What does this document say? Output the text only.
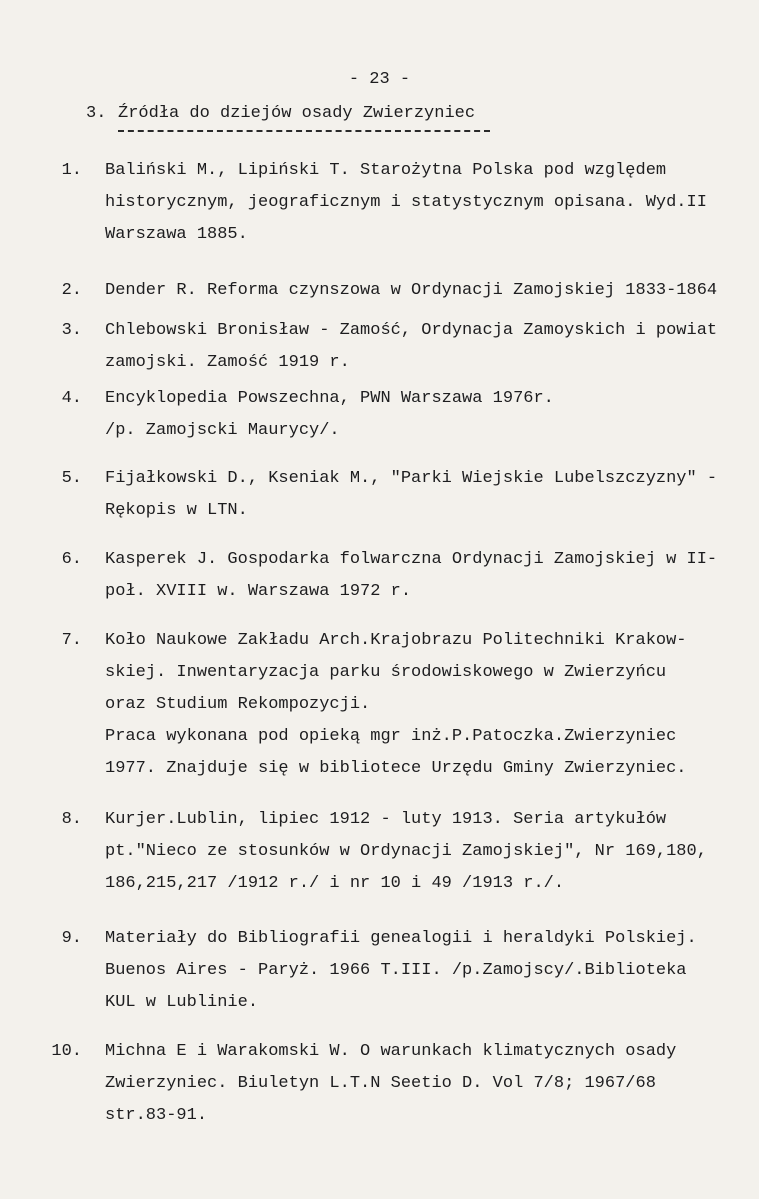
- 23 -
3. Źródła do dziejów osady Zwierzyniec
1. Baliński M., Lipiński T. Starożytna Polska pod względem
historycznym, jeograficznym i statystycznym opisana. Wyd.II
Warszawa 1885.
2. Dender R. Reforma czynszowa w Ordynacji Zamojskiej 1833-1864
3. Chlebowski Bronisław - Zamość, Ordynacja Zamoyskich i powiat
zamojski. Zamość 1919 r.
4. Encyklopedia Powszechna, PWN Warszawa 1976r.
/p. Zamojscki Maurycy/.
5. Fijałkowski D., Kseniak M., "Parki Wiejskie Lubelszczyzny" -
Rękopis w LTN.
6. Kasperek J. Gospodarka folwarczna Ordynacji Zamojskiej w II-
poł. XVIII w. Warszawa 1972 r.
7. Koło Naukowe Zakładu Arch.Krajobrazu Politechniki Krakow-
skiej. Inwentaryzacja parku środowiskowego w Zwierzyńcu
oraz Studium Rekompozycji.
Praca wykonana pod opieką mgr inż.P.Patoczka.Zwierzyniec
1977. Znajduje się w bibliotece Urzędu Gminy Zwierzyniec.
8. Kurjer.Lublin, lipiec 1912 - luty 1913. Seria artykułów
pt."Nieco ze stosunków w Ordynacji Zamojskiej", Nr 169,180,
186,215,217 /1912 r./ i nr 10 i 49 /1913 r./.
9. Materiały do Bibliografii genealogii i heraldyki Polskiej.
Buenos Aires - Paryż. 1966 T.III. /p.Zamojscy/.Biblioteka
KUL w Lublinie.
10. Michna E i Warakomski W. O warunkach klimatycznych osady
Zwierzyniec. Biuletyn L.T.N Seetio D. Vol 7/8; 1967/68
str.83-91.
